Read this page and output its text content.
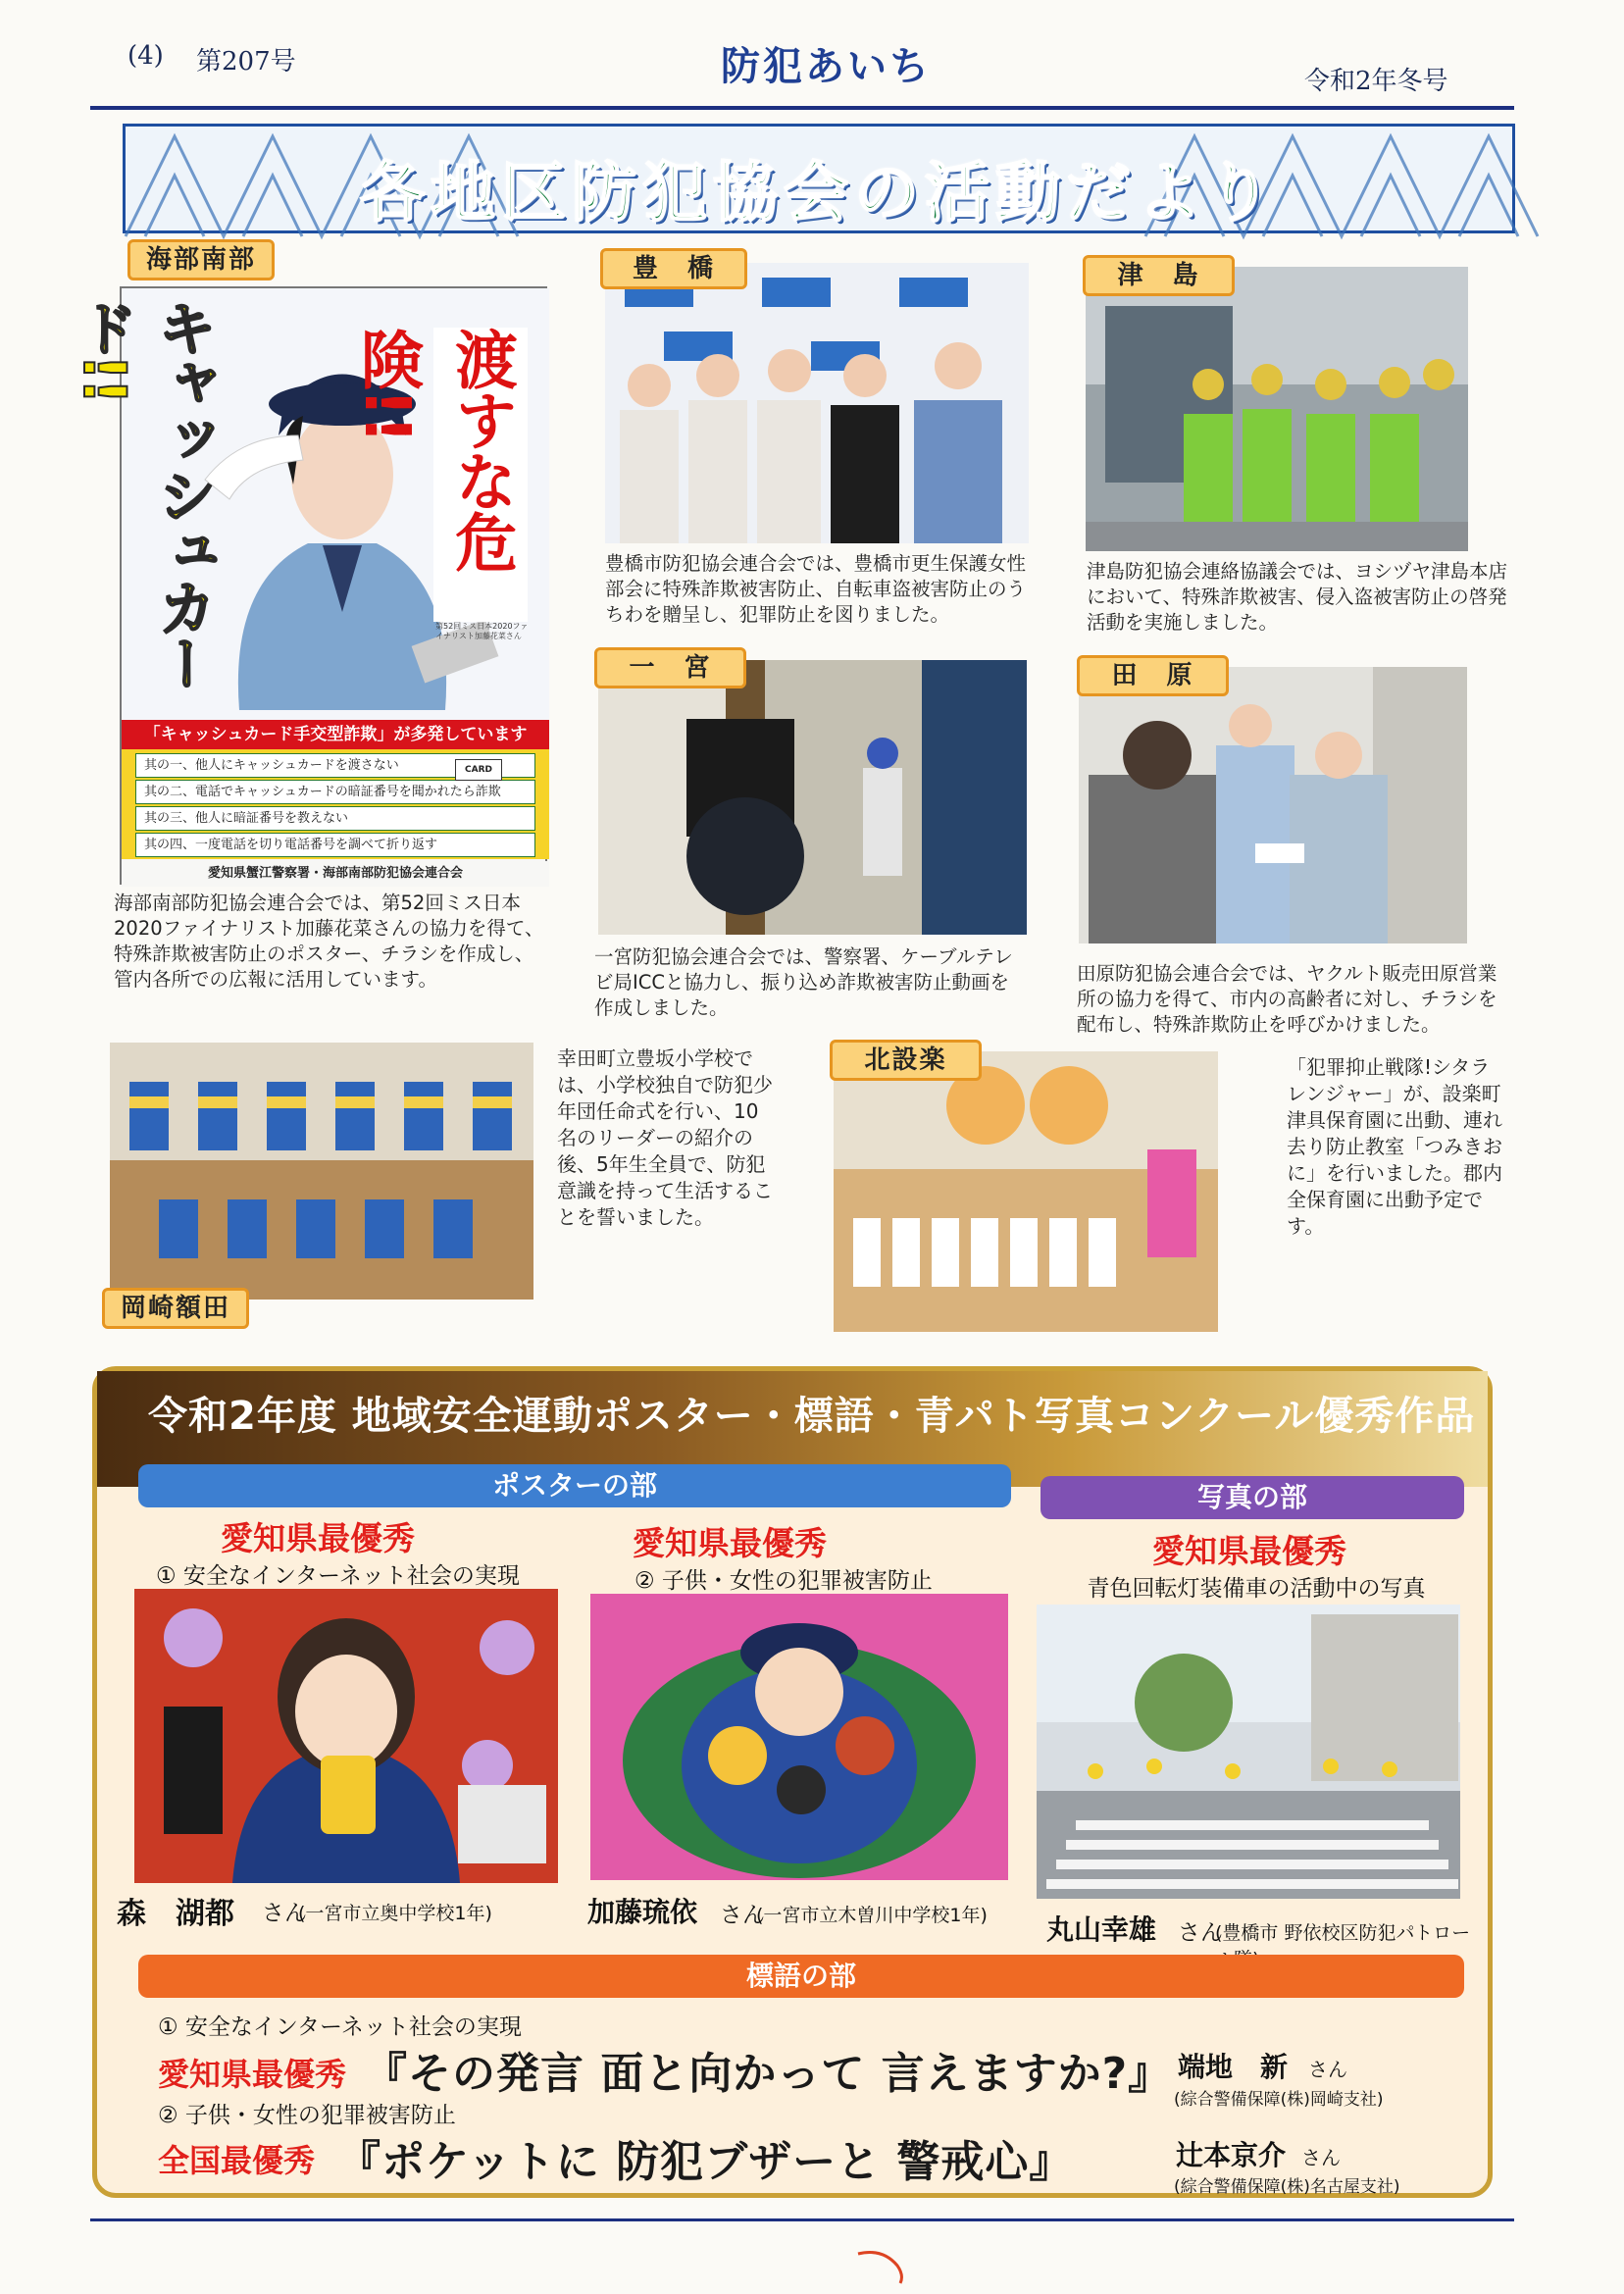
(4) 第207号	防犯あいち	令和2年冬号
各地区防犯協会の活動だより
海部南部
渡すな危険!!
キャッシュカード!!
第52回ミス日本2020ファイナリスト加藤花菜さん
「キャッシュカード手交型詐欺」が多発しています
其の一、他人にキャッシュカードを渡さない
其の二、電話でキャッシュカードの暗証番号を聞かれたら詐欺
其の三、他人に暗証番号を教えない
其の四、一度電話を切り電話番号を調べて折り返す
CARD
愛知県蟹江警察署・海部南部防犯協会連合会
海部南部防犯協会連合会では、第52回ミス日本2020ファイナリスト加藤花菜さんの協力を得て、特殊詐欺被害防止のポスター、チラシを作成し、管内各所での広報に活用しています。
豊　橋
豊橋市防犯協会連合会では、豊橋市更生保護女性部会に特殊詐欺被害防止、自転車盗被害防止のうちわを贈呈し、犯罪防止を図りました。
津　島
津島防犯協会連絡協議会では、ヨシヅヤ津島本店において、特殊詐欺被害、侵入盗被害防止の啓発活動を実施しました。
一　宮
一宮防犯協会連合会では、警察署、ケーブルテレビ局ICCと協力し、振り込め詐欺被害防止動画を作成しました。
田　原
田原防犯協会連合会では、ヤクルト販売田原営業所の協力を得て、市内の高齢者に対し、チラシを配布し、特殊詐欺防止を呼びかけました。
岡崎額田
幸田町立豊坂小学校では、小学校独自で防犯少年団任命式を行い、10名のリーダーの紹介の後、5年生全員で、防犯意識を持って生活することを誓いました。
北設楽	「犯罪抑止戦隊!シタラレンジャー」が、設楽町津具保育園に出動、連れ去り防止教室「つみきおに」を行いました。郡内全保育園に出動予定です。
令和2年度 地域安全運動ポスター・標語・青パト写真コンクール優秀作品
ポスターの部	写真の部
愛知県最優秀
① 安全なインターネット社会の実現
森　湖都 さん
(一宮市立奥中学校1年)
愛知県最優秀
② 子供・女性の犯罪被害防止
加藤琉依 さん
(一宮市立木曽川中学校1年)
愛知県最優秀
青色回転灯装備車の活動中の写真
丸山幸雄 さん
(豊橋市 野依校区防犯パトロー
標語の部
① 安全なインターネット社会の実現
愛知県最優秀 『その発言 面と向かって 言えますか?』 端地　新 さん
(綜合警備保障(株)岡崎支社)
② 子供・女性の犯罪被害防止
全国最優秀 『ポケットに 防犯ブザーと 警戒心』	辻本京介 さん
(綜合警備保障(株)名古屋支社)
